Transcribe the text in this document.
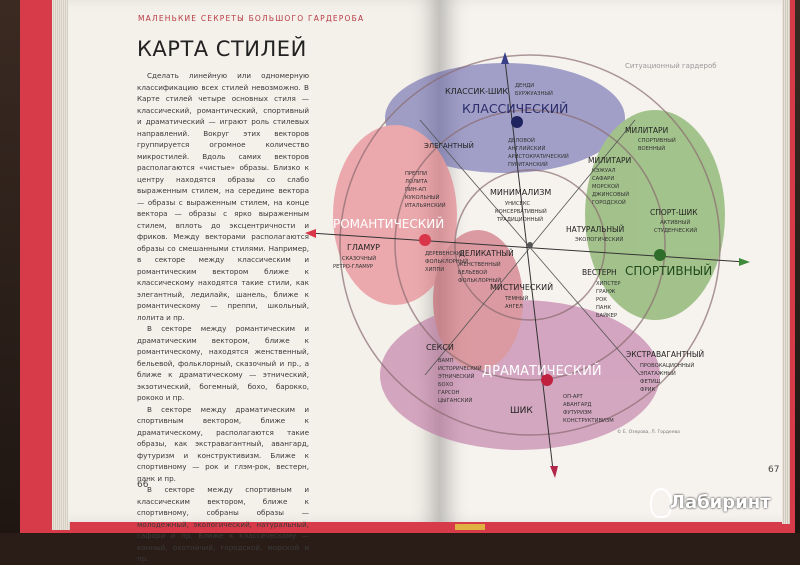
МАЛЕНЬКИЕ СЕКРЕТЫ БОЛЬШОГО ГАРДЕРОБА
Ситуационный гардероб
КАРТА СТИЛЕЙ

Сделать линейную или одномерную классификацию всех стилей невозможно. В Карте стилей четыре основных стиля — классический, романтический, спортивный и драматический — играют роль стилевых направлений. Вокруг этих векторов группируется огромное количество микростилей. Вдоль самих векторов располагаются «чистые» образы. Близко к центру находятся образы со слабо выраженным стилем, на середине вектора — образы с выраженным стилем, на конце вектора — образы с ярко выраженным стилем, вплоть до эксцентричности и фриков. Между векторами располагаются образы со смешанными стилями. Например, в секторе между классическим и романтическим вектором ближе к классическому находятся такие стили, как элегантный, ледилайк, шанель, ближе к романтическому — преппи, школьный, лолита и пр.

В секторе между романтическим и драматическим вектором, ближе к романтическому, находятся женственный, бельевой, фольклорный, сказочный и пр., а ближе к драматическому — этнический, экзотический, богемный, бохо, барокко, рококо и пр.

В секторе между драматическим и спортивным вектором, ближе к драматическому, располагаются такие образы, как экстравагантный, авангард, футуризм и конструктивизм. Ближе к спортивному — рок и глэм-рок, вестерн, панк и пр.

В секторе между спортивным и классическим вектором, ближе к спортивному, собраны образы — молодежный, экологический, натуральный, сафари и пр. Ближе к классическому — конный, охотничий, городской, морской и пр.

66
67
КЛАССИЧЕСКИЙ
РОМАНТИЧЕСКИЙ
СПОРТИВНЫЙ
ДРАМАТИЧЕСКИЙ
КЛАССИК-ШИК
ЭЛЕГАНТНЫЙ
МИЛИТАРИ
МИЛИТАРИ
МИНИМАЛИЗМ
НАТУРАЛЬНЫЙ
СПОРТ-ШИК
ГЛАМУР
ДЕЛИКАТНЫЙ
ВЕСТЕРН
МИСТИЧЕСКИЙ
СЕКСИ
ЭКСТРАВАГАНТНЫЙ
ШИК
ДЕНДИ
БУРЖУАЗНЫЙ
ДЕЛОВОЙ
АНГЛИЙСКИЙ
АРИСТОКРАТИЧЕСКИЙ
ПУРИТАНСКИЙ
СПОРТИВНЫЙ
ВОЕННЫЙ
КЭЖУАЛ
САФАРИ
МОРСКОЙ
ДЖИНСОВЫЙ
ГОРОДСКОЙ
ПРЕППИ
ЛОЛИТА
ПИН-АП
КУКОЛЬНЫЙ
ИТАЛЬЯНСКИЙ	УНИСЕКС
КОНСЕРВАТИВНЫЙ
ТРАДИЦИОННЫЙ
ЭКОЛОГИЧЕСКИЙ
АКТИВНЫЙ
СТУДЕНЧЕСКИЙ
СКАЗОЧНЫЙ
РЕТРО-ГЛАМУР	ЖЕНСТВЕННЫЙ
БЕЛЬЕВОЙ
ФОЛЬКЛОРНЫЙ
ДЕРЕВЕНСКИЙ
ФОЛЬКЛОРНЫЙ
ХИППИ
ХИПСТЕР
ГРАНЖ
РОК
ПАНК
БАЙКЕР
ТЕМНЫЙ
АНГЕЛ
ВАМП
ИСТОРИЧЕСКИЙ
ЭТНИЧЕСКИЙ
БОХО
ГАРСОН
ЦЫГАНСКИЙ
ПРОВОКАЦИОННЫЙ
ЭПАТАЖНЫЙ
ФЕТИШ
ФРИК
ОП-АРТ
АВАНГАРД
ФУТУРИЗМ
КОНСТРУКТИВИЗМ
© Е. Озерова, Л. Гордеева
Лабиринт
